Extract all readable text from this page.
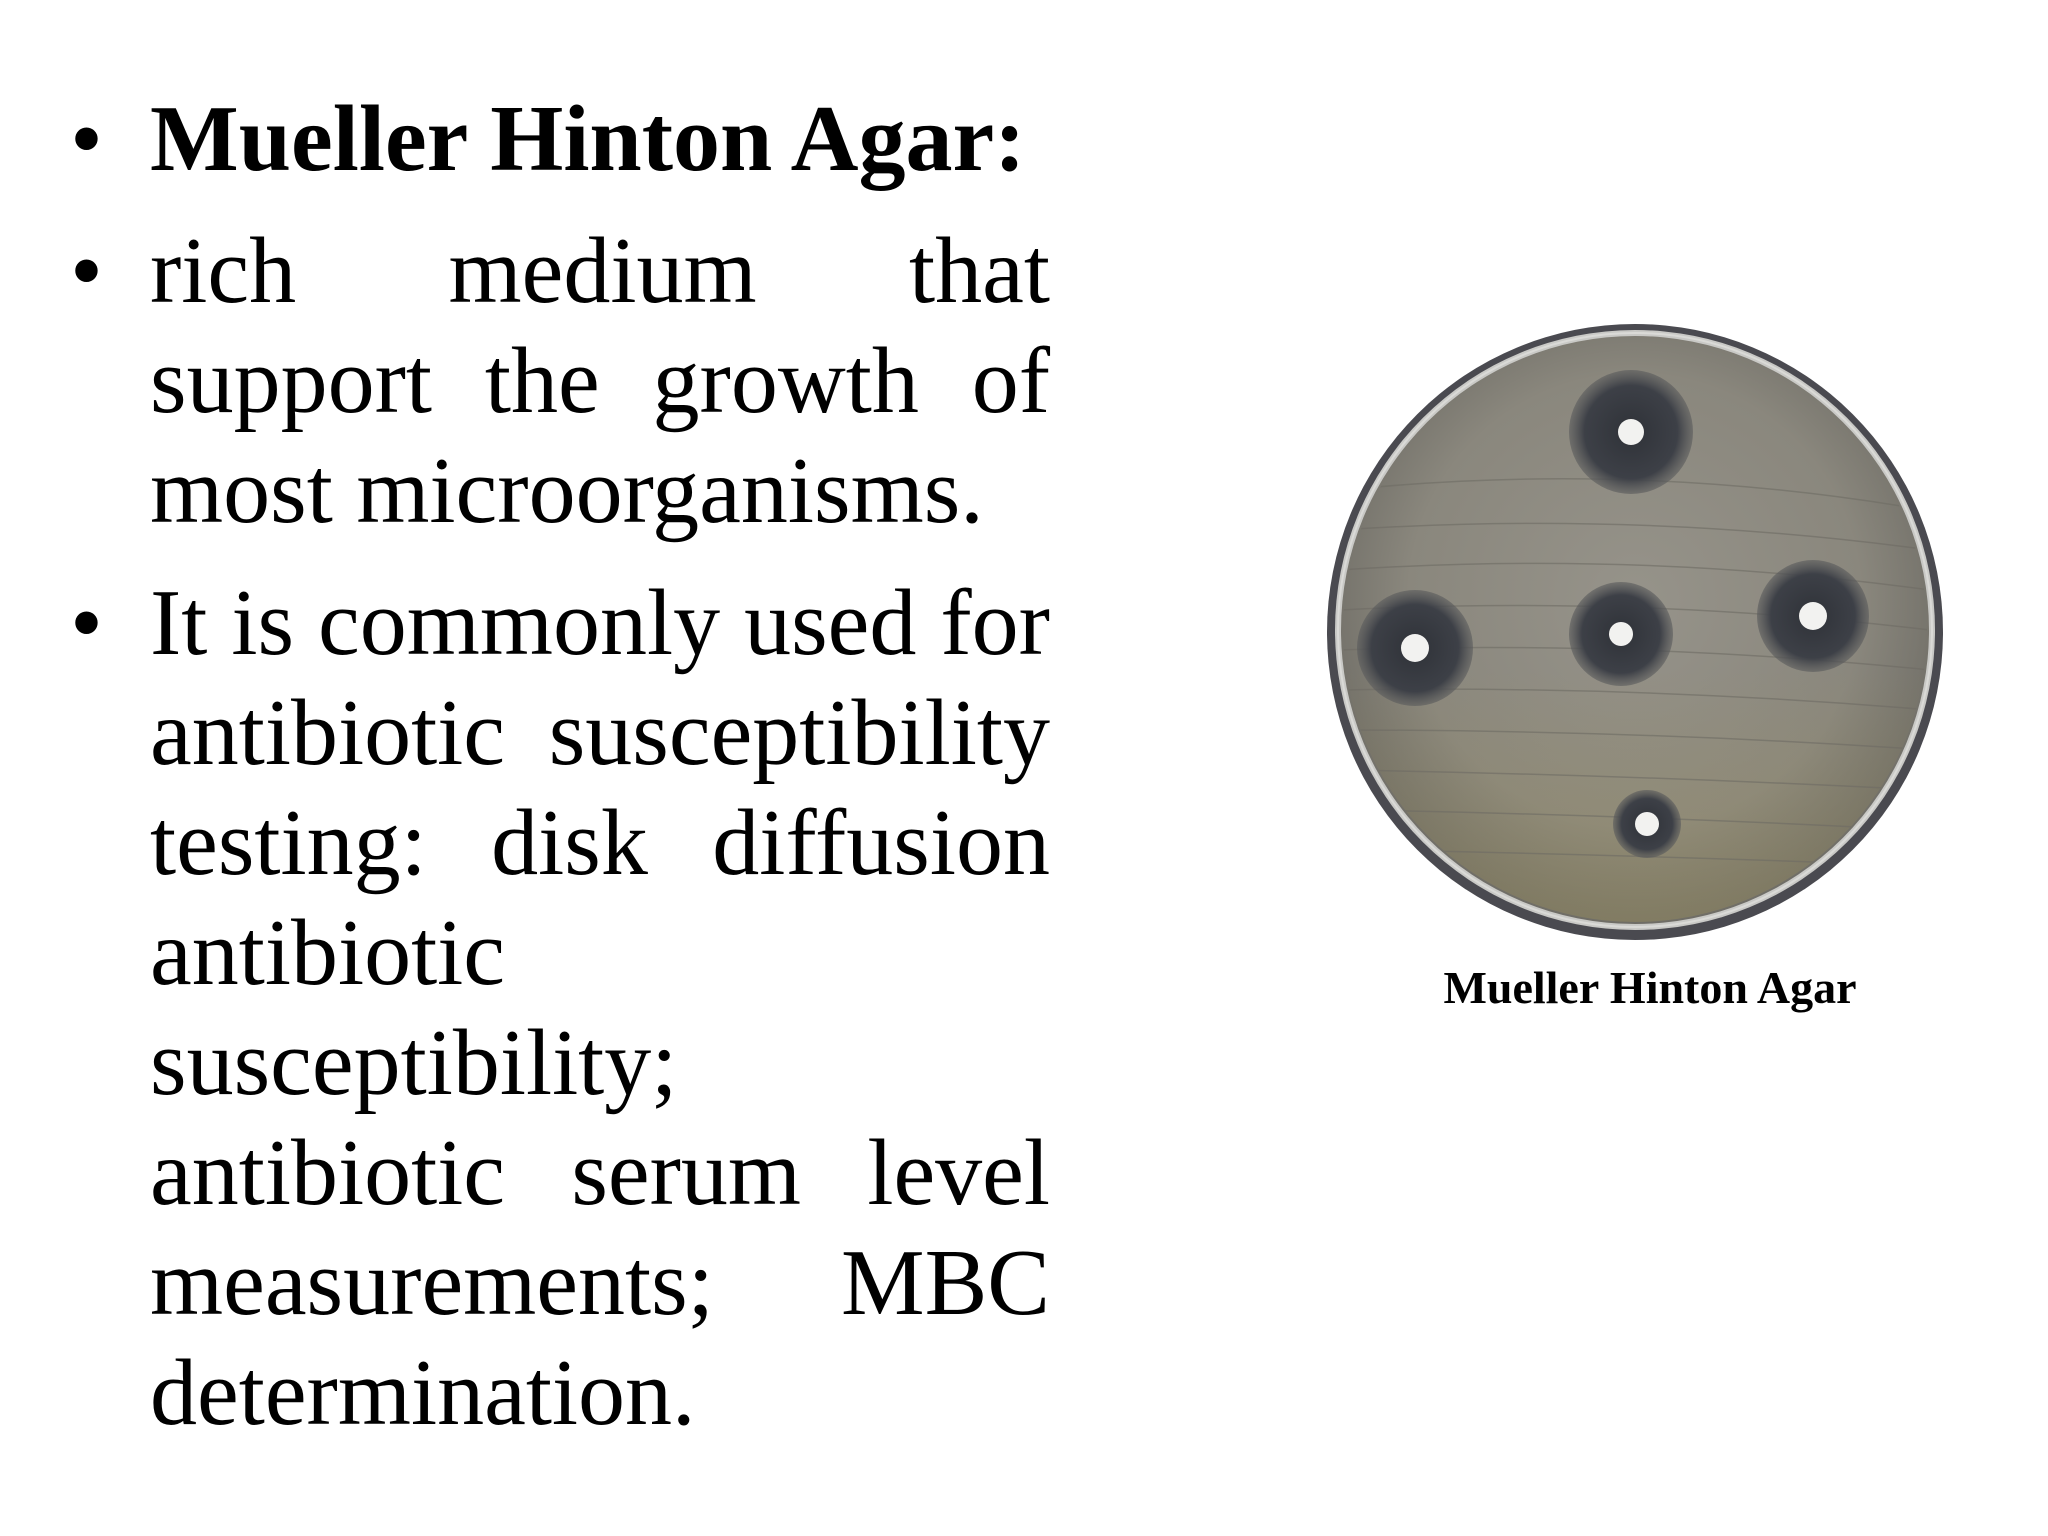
• Mueller Hinton Agar:
• rich medium that support the growth of most microorganisms.
• It is commonly used for antibiotic susceptibility testing: disk diffusion antibiotic susceptibility; antibiotic serum level measurements; MBC determination.
Mueller Hinton Agar
